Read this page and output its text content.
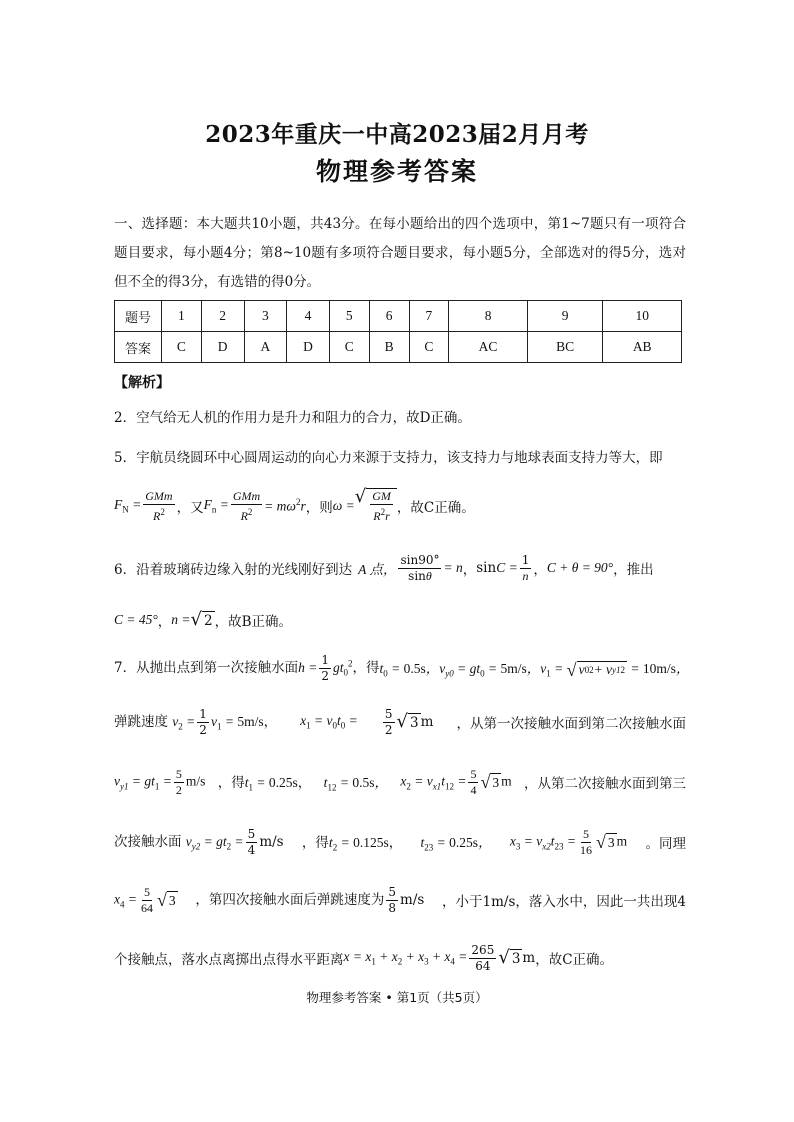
2023年重庆一中高2023届2月月考
物理参考答案
一、选择题：本大题共10小题，共43分。在每小题给出的四个选项中，第1~7题只有一项符合题目要求，每小题4分；第8~10题有多项符合题目要求，每小题5分，全部选对的得5分，选对但不全的得3分，有选错的得0分。
题号	1	2	3	4	5	6	7	8	9	10
答案	C	D	A	D	C	B	C	AC	BC	AB
【解析】
2．空气给无人机的作用力是升力和阻力的合力，故D正确。
5．宇航员绕圆环中心圆周运动的向心力来源于支持力，该支持力与地球表面支持力等大，即
$F_N = \frac{\text{GMm}}{R^2}$ ，又 $F_n = \frac{\text{GMm}}{R^2} = m\omega^2r$ ，则 ω = √ $\frac{GM}{R^2r}$ ，故C正确。
6．沿着玻璃砖边缘入射的光线刚好到达 A 点， $\frac{\sin 90^\circ}{\sin\theta} = n$ ， $\sin C = \frac{1}{n}$ ， C + θ = 90° ，推出
C = 45° ， n = √ 2 ，故B正确。
7．从抛出点到第一次接触水面$h = \frac{1}{2} gt_0^2$，得 $t_0 = 0.5s$， $v_{y0} = gt_0 = 5m/s$， $v_1$ = √ v 0 2 + v y1 2 = 10m/s，
弹跳速度 $v_2 = \frac{1}{2} v_1 = 5m/s$， $x_1 = v_0t_0 = \frac{5}{2}$ √ 3 m ，从第一次接触水面到第二次接触水面
$v_{y1} = gt_1 = \frac{5}{2} m/s$ ，得$t_1 = 0.25s$， $t_{12} = 0.5s$， $x_2 = v_{x1}t_{12} = \frac{5}{4}$ √ 3 m ，从第二次接触水面到第三
次接触水面 $v_{y2} = gt_2 = \frac{5}{4} m/s$ ，得$t_2 = 0.125s$， $t_{23} = 0.25s$， $x_3 = v_{x2}t_{23} = \frac{5}{16}$ √ 3 m 。同理
$x_4 = \frac{5}{64}$ √ 3 ，第四次接触水面后弹跳速度为 $\frac{5}{8} m/s$ ，小于1m/s，落入水中，因此一共出现4
个接触点，落水点离掷出点得水平距离 $x = x_1 + x_2 + x_3 + x_4 = \frac{265}{64}$ √ 3 m ，故C正确。
物理参考答案 • 第1页（共5页）
